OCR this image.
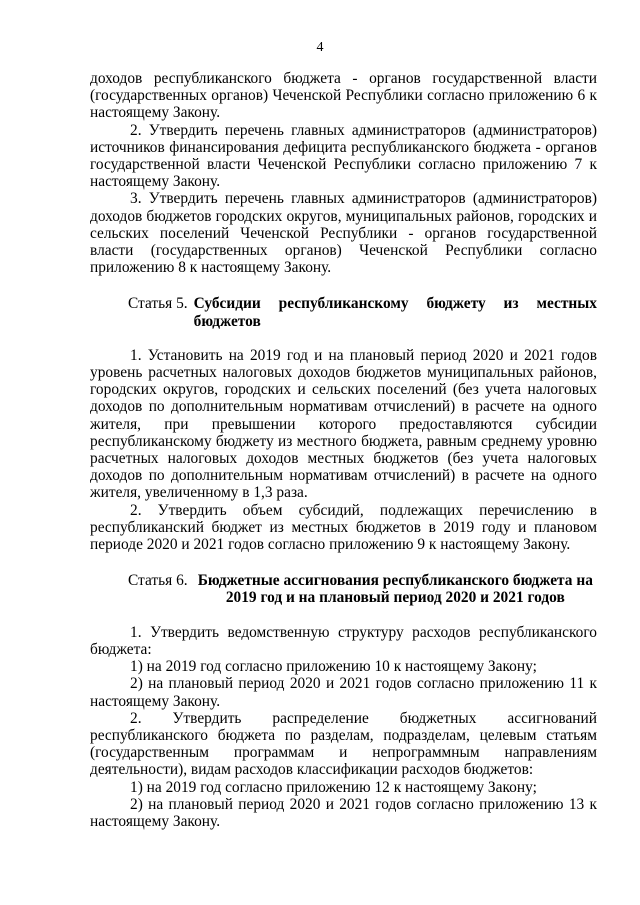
4

доходов республиканского бюджета - органов государственной власти (государственных органов) Чеченской Республики согласно приложению 6 к настоящему Закону.

2. Утвердить перечень главных администраторов (администраторов) источников финансирования дефицита республиканского бюджета - органов государственной власти Чеченской Республики согласно приложению 7 к настоящему Закону.

3. Утвердить перечень главных администраторов (администраторов) доходов бюджетов городских округов, муниципальных районов, городских и сельских поселений Чеченской Республики - органов государственной власти (государственных органов) Чеченской Республики согласно приложению 8 к настоящему Закону.

Статья 5. Субсидии республиканскому бюджету из местных бюджетов

1. Установить на 2019 год и на плановый период 2020 и 2021 годов уровень расчетных налоговых доходов бюджетов муниципальных районов, городских округов, городских и сельских поселений (без учета налоговых доходов по дополнительным нормативам отчислений) в расчете на одного жителя, при превышении которого предоставляются субсидии республиканскому бюджету из местного бюджета, равным среднему уровню расчетных налоговых доходов местных бюджетов (без учета налоговых доходов по дополнительным нормативам отчислений) в расчете на одного жителя, увеличенному в 1,3 раза.

2. Утвердить объем субсидий, подлежащих перечислению в республиканский бюджет из местных бюджетов в 2019 году и плановом периоде 2020 и 2021 годов согласно приложению 9 к настоящему Закону.

Статья 6. Бюджетные ассигнования республиканского бюджета на 2019 год и на плановый период 2020 и 2021 годов

1. Утвердить ведомственную структуру расходов республиканского бюджета:

1) на 2019 год согласно приложению 10 к настоящему Закону;

2) на плановый период 2020 и 2021 годов согласно приложению 11 к настоящему Закону.

2. Утвердить распределение бюджетных ассигнований республиканского бюджета по разделам, подразделам, целевым статьям (государственным программам и непрограммным направлениям деятельности), видам расходов классификации расходов бюджетов:

1) на 2019 год согласно приложению 12 к настоящему Закону;

2) на плановый период 2020 и 2021 годов согласно приложению 13 к настоящему Закону.
